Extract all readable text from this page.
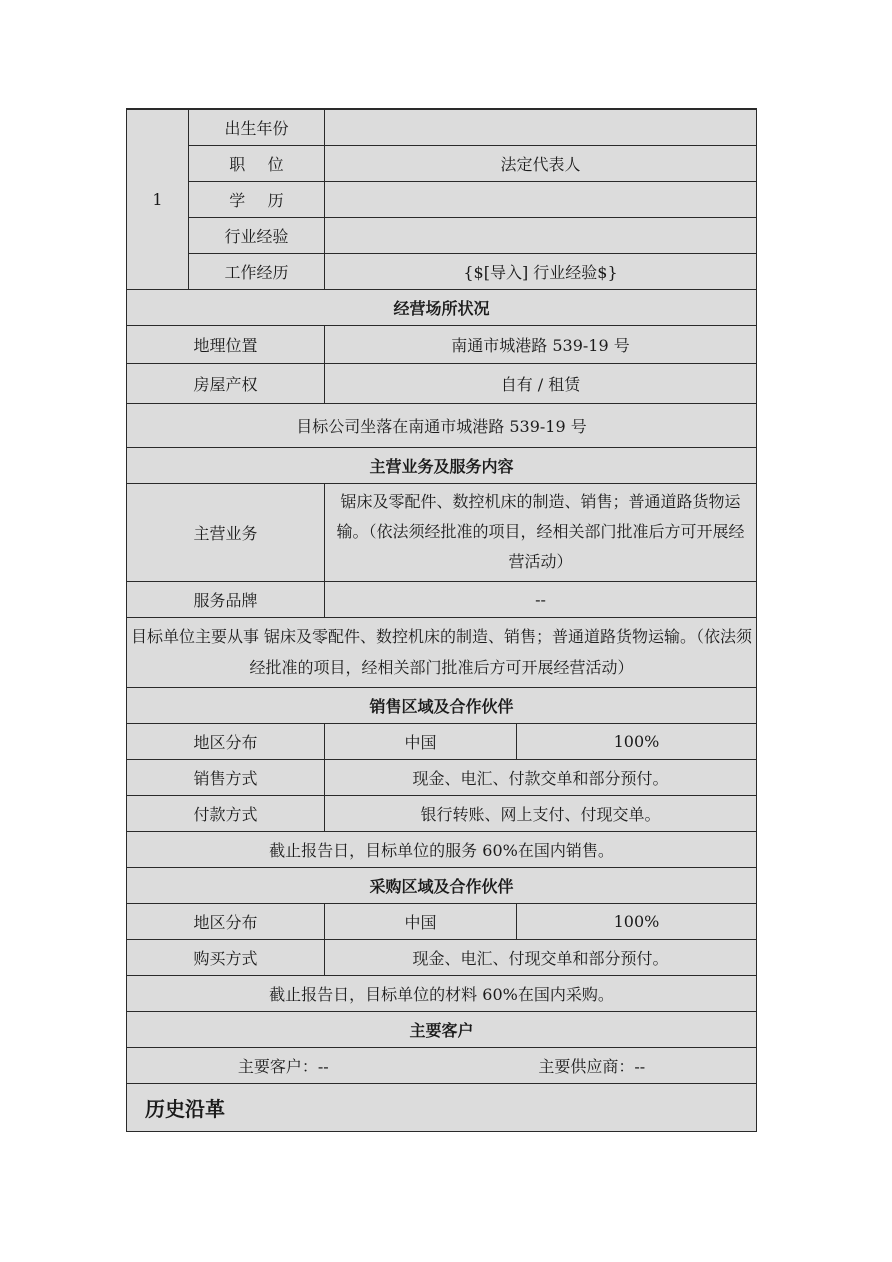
1	出生年份		
	职位	法定代表人	
	学历		
	行业经验		
	工作经历	{$[导入] 行业经验$}	
经营场所状况			
地理位置		南通市城港路 539-19 号	
房屋产权		自有 / 租赁	
目标公司坐落在南通市城港路 539-19 号			
主营业务及服务内容			
主营业务		锯床及零配件、数控机床的制造、销售；普通道路货物运输。（依法须经批准的项目，经相关部门批准后方可开展经营活动）	
服务品牌		--	
目标单位主要从事 锯床及零配件、数控机床的制造、销售；普通道路货物运输。（依法须经批准的项目，经相关部门批准后方可开展经营活动）			
销售区域及合作伙伴			
地区分布		中国	100%
销售方式		现金、电汇、付款交单和部分预付。	
付款方式		银行转账、网上支付、付现交单。	
截止报告日，目标单位的服务 60%在国内销售。			
采购区域及合作伙伴			
地区分布		中国	100%
购买方式		现金、电汇、付现交单和部分预付。	
截止报告日，目标单位的材料 60%在国内采购。			
主要客户			

主要客户：-- 主要供应商：--			

历史沿革			
